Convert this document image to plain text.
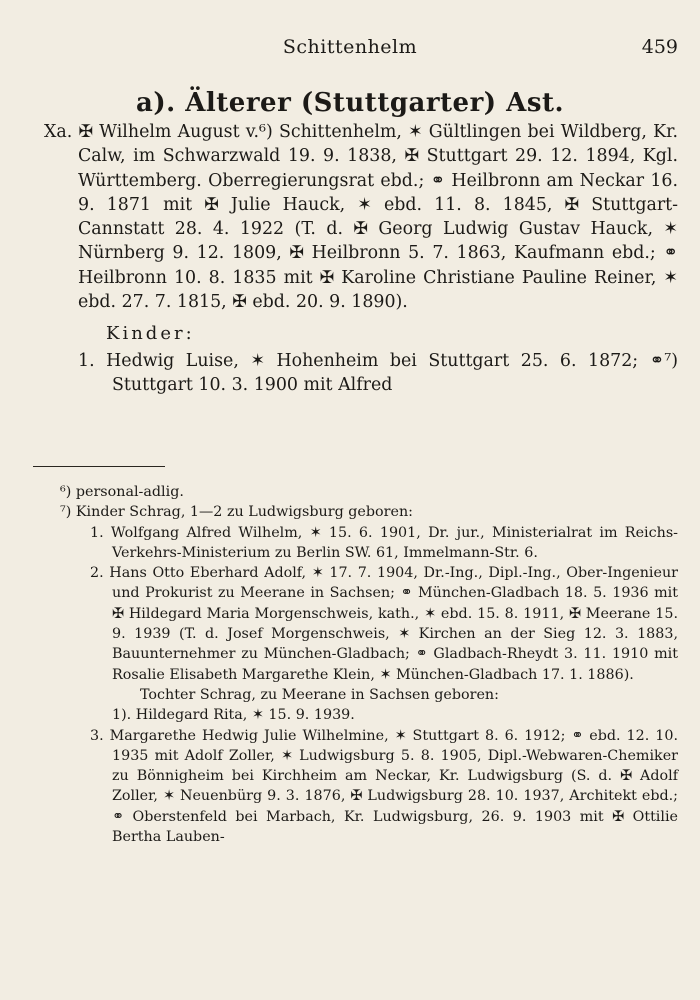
Schittenhelm	459
a). Älterer (Stuttgarter) Ast.

Xa. ✠ Wilhelm August v.⁶) Schittenhelm, ✶ Gültlingen bei Wildberg, Kr. Calw, im Schwarzwald 19. 9. 1838, ✠ Stuttgart 29. 12. 1894, Kgl. Württemberg. Oberregierungsrat ebd.; ⚭ Heilbronn am Neckar 16. 9. 1871 mit ✠ Julie Hauck, ✶ ebd. 11. 8. 1845, ✠ Stuttgart-Cannstatt 28. 4. 1922 (T. d. ✠ Georg Ludwig Gustav Hauck, ✶ Nürnberg 9. 12. 1809, ✠ Heilbronn 5. 7. 1863, Kaufmann ebd.; ⚭ Heilbronn 10. 8. 1835 mit ✠ Karoline Christiane Pauline Reiner, ✶ ebd. 27. 7. 1815, ✠ ebd. 20. 9. 1890).

Kinder:

1. Hedwig Luise, ✶ Hohenheim bei Stuttgart 25. 6. 1872; ⚭⁷) Stuttgart 10. 3. 1900 mit Alfred

⁶) personal-adlig.

⁷) Kinder Schrag, 1—2 zu Ludwigsburg geboren:

1. Wolfgang Alfred Wilhelm, ✶ 15. 6. 1901, Dr. jur., Ministerialrat im Reichs-Verkehrs-Ministerium zu Berlin SW. 61, Immelmann-Str. 6.

2. Hans Otto Eberhard Adolf, ✶ 17. 7. 1904, Dr.-Ing., Dipl.-Ing., Ober-Ingenieur und Prokurist zu Meerane in Sachsen; ⚭ München-Gladbach 18. 5. 1936 mit ✠ Hildegard Maria Morgenschweis, kath., ✶ ebd. 15. 8. 1911, ✠ Meerane 15. 9. 1939 (T. d. Josef Morgenschweis, ✶ Kirchen an der Sieg 12. 3. 1883, Bauunternehmer zu München-Gladbach; ⚭ Gladbach-Rheydt 3. 11. 1910 mit Rosalie Elisabeth Margarethe Klein, ✶ München-Gladbach 17. 1. 1886).

Tochter Schrag, zu Meerane in Sachsen geboren:

1). Hildegard Rita, ✶ 15. 9. 1939.

3. Margarethe Hedwig Julie Wilhelmine, ✶ Stuttgart 8. 6. 1912; ⚭ ebd. 12. 10. 1935 mit Adolf Zoller, ✶ Ludwigsburg 5. 8. 1905, Dipl.-Webwaren-Chemiker zu Bönnigheim bei Kirchheim am Neckar, Kr. Ludwigsburg (S. d. ✠ Adolf Zoller, ✶ Neuenbürg 9. 3. 1876, ✠ Ludwigsburg 28. 10. 1937, Architekt ebd.; ⚭ Oberstenfeld bei Marbach, Kr. Ludwigsburg, 26. 9. 1903 mit ✠ Ottilie Bertha Lauben-
